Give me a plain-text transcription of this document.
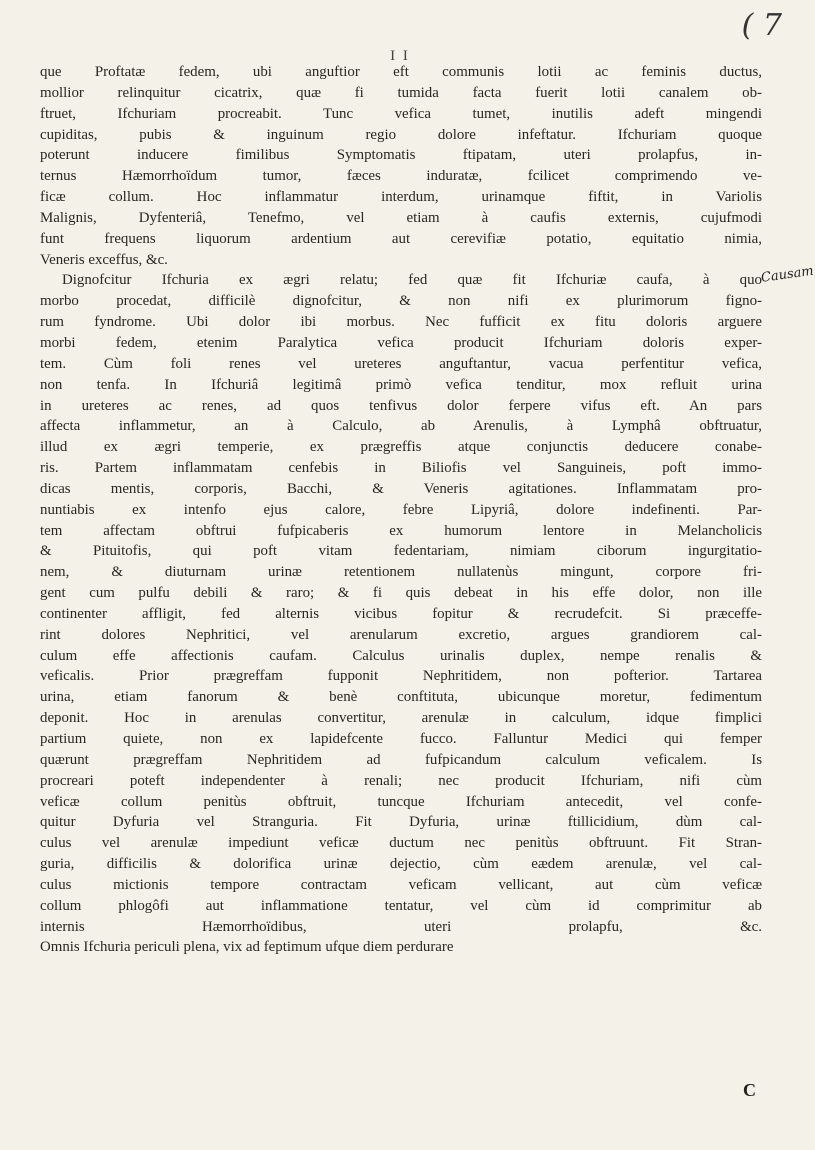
( 7
I I
que Proftatæ fedem, ubi anguftior eft communis lotii ac feminis ductus,
mollior relinquitur cicatrix, quæ fi tumida facta fuerit lotii canalem ob-
ftruet, Ifchuriam procreabit. Tunc vefica tumet, inutilis adeft mingendi
cupiditas, pubis & inguinum regio dolore infeftatur. Ifchuriam quoque
poterunt inducere fimilibus Symptomatis ftipatam, uteri prolapfus, in-
ternus Hæmorrhoïdum tumor, fæces induratæ, fcilicet comprimendo ve-
ficæ collum. Hoc inflammatur interdum, urinamque fiftit, in Variolis
Malignis, Dyfenteriâ, Tenefmo, vel etiam à caufis externis, cujufmodi
funt frequens liquorum ardentium aut cerevifiæ potatio, equitatio nimia,
Veneris exceffus, &c.
Dignofcitur Ifchuria ex ægri relatu; fed quæ fit Ifchuriæ caufa, à quo
morbo procedat, difficilè dignofcitur, & non nifi ex plurimorum figno-
rum fyndrome. Ubi dolor ibi morbus. Nec fufficit ex fitu doloris arguere
morbi fedem, etenim Paralytica vefica producit Ifchuriam doloris exper-
tem. Cùm foli renes vel ureteres anguftantur, vacua perfentitur vefica,
non tenfa. In Ifchuriâ legitimâ primò vefica tenditur, mox refluit urina
in ureteres ac renes, ad quos tenfivus dolor ferpere vifus eft. An pars
affecta inflammetur, an à Calculo, ab Arenulis, à Lymphâ obftruatur,
illud ex ægri temperie, ex prægreffis atque conjunctis deducere conabe-
ris. Partem inflammatam cenfebis in Biliofis vel Sanguineis, poft immo-
dicas mentis, corporis, Bacchi, & Veneris agitationes. Inflammatam pro-
nuntiabis ex intenfo ejus calore, febre Lipyriâ, dolore indefinenti. Par-
tem affectam obftrui fufpicaberis ex humorum lentore in Melancholicis
& Pituitofis, qui poft vitam fedentariam, nimiam ciborum ingurgitatio-
nem, & diuturnam urinæ retentionem nullatenùs mingunt, corpore fri-
gent cum pulfu debili & raro; & fi quis debeat in his effe dolor, non ille
continenter affligit, fed alternis vicibus fopitur & recrudefcit. Si præceffe-
rint dolores Nephritici, vel arenularum excretio, argues grandiorem cal-
culum effe affectionis caufam. Calculus urinalis duplex, nempe renalis &
veficalis. Prior prægreffam fupponit Nephritidem, non pofterior. Tartarea
urina, etiam fanorum & benè conftituta, ubicunque moretur, fedimentum
deponit. Hoc in arenulas convertitur, arenulæ in calculum, idque fimplici
partium quiete, non ex lapidefcente fucco. Falluntur Medici qui femper
quærunt prægreffam Nephritidem ad fufpicandum calculum veficalem. Is
procreari poteft independenter à renali; nec producit Ifchuriam, nifi cùm
veficæ collum penitùs obftruit, tuncque Ifchuriam antecedit, vel confe-
quitur Dyfuria vel Stranguria. Fit Dyfuria, urinæ ftillicidium, dùm cal-
culus vel arenulæ impediunt veficæ ductum nec penitùs obftruunt. Fit Stran-
guria, difficilis & dolorifica urinæ dejectio, cùm eædem arenulæ, vel cal-
culus mictionis tempore contractam veficam vellicant, aut cùm veficæ
collum phlogôfi aut inflammatione tentatur, vel cùm id comprimitur ab
internis Hæmorrhoïdibus, uteri prolapfu, &c.
Omnis Ifchuria periculi plena, vix ad feptimum ufque diem perdurare
Causam
C
